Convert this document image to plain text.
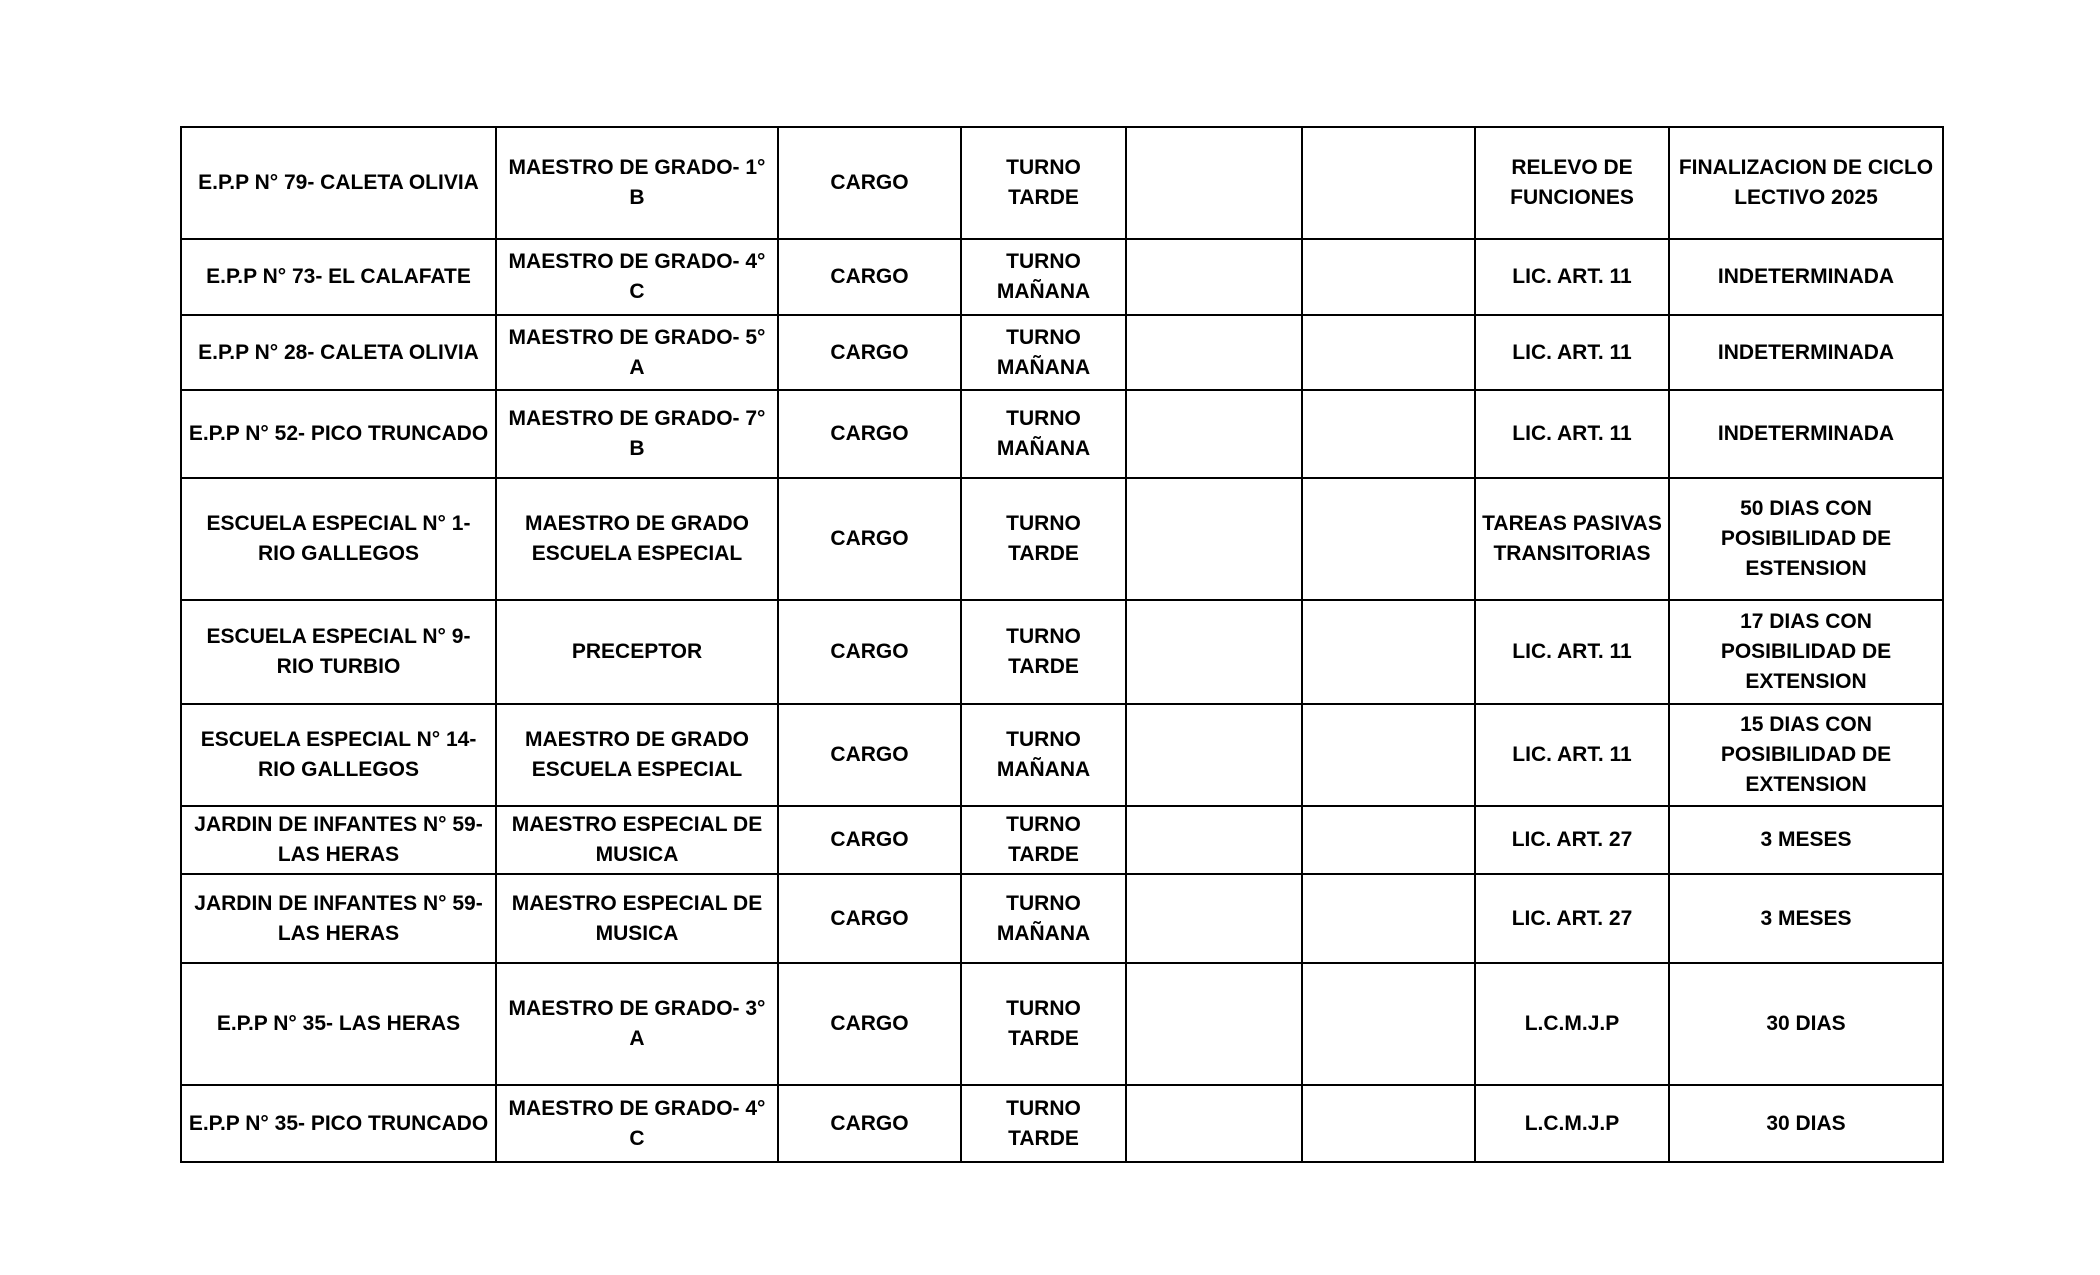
E.P.P N° 79- CALETA OLIVIA	MAESTRO DE GRADO- 1° B	CARGO	TURNO TARDE			RELEVO DE FUNCIONES	FINALIZACION DE CICLO LECTIVO 2025
E.P.P N° 73- EL CALAFATE	MAESTRO DE GRADO- 4° C	CARGO	TURNO MAÑANA			LIC. ART. 11	INDETERMINADA
E.P.P N° 28- CALETA OLIVIA	MAESTRO DE GRADO- 5° A	CARGO	TURNO MAÑANA			LIC. ART. 11	INDETERMINADA
E.P.P N° 52- PICO TRUNCADO	MAESTRO DE GRADO- 7° B	CARGO	TURNO MAÑANA			LIC. ART. 11	INDETERMINADA
ESCUELA ESPECIAL N° 1- RIO GALLEGOS	MAESTRO DE GRADO ESCUELA ESPECIAL	CARGO	TURNO TARDE			TAREAS PASIVAS TRANSITORIAS	50 DIAS CON POSIBILIDAD DE ESTENSION
ESCUELA ESPECIAL N° 9- RIO TURBIO	PRECEPTOR	CARGO	TURNO TARDE			LIC. ART. 11	17 DIAS CON POSIBILIDAD DE EXTENSION
ESCUELA ESPECIAL N° 14- RIO GALLEGOS	MAESTRO DE GRADO ESCUELA ESPECIAL	CARGO	TURNO MAÑANA			LIC. ART. 11	15 DIAS CON POSIBILIDAD DE EXTENSION
JARDIN DE INFANTES N° 59- LAS HERAS	MAESTRO ESPECIAL DE MUSICA	CARGO	TURNO TARDE			LIC. ART. 27	3 MESES
JARDIN DE INFANTES N° 59- LAS HERAS	MAESTRO ESPECIAL DE MUSICA	CARGO	TURNO MAÑANA			LIC. ART. 27	3 MESES
E.P.P N° 35- LAS HERAS	MAESTRO DE GRADO- 3° A	CARGO	TURNO TARDE			L.C.M.J.P	30 DIAS
E.P.P N° 35- PICO TRUNCADO	MAESTRO DE GRADO- 4° C	CARGO	TURNO TARDE			L.C.M.J.P	30 DIAS
